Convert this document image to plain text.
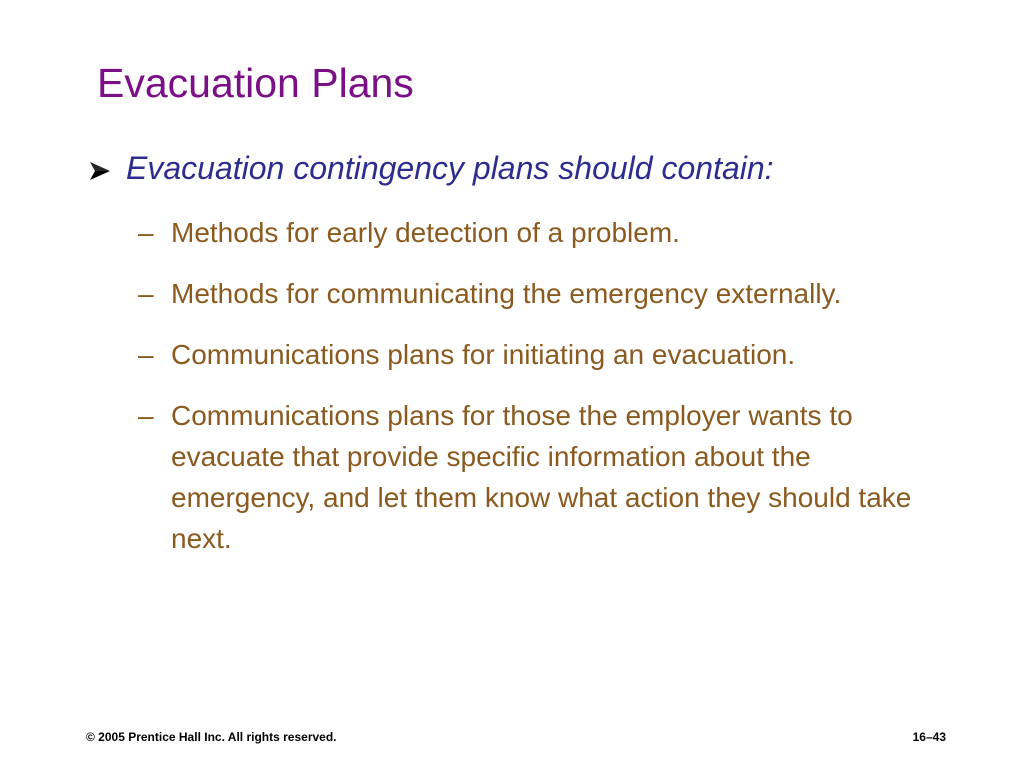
Evacuation Plans
Evacuation contingency plans should contain:
– Methods for early detection of a problem.
– Methods for communicating the emergency externally.
– Communications plans for initiating an evacuation.
– Communications plans for those the employer wants to evacuate that provide specific information about the emergency, and let them know what action they should take next.
© 2005 Prentice Hall Inc. All rights reserved.	16–43
